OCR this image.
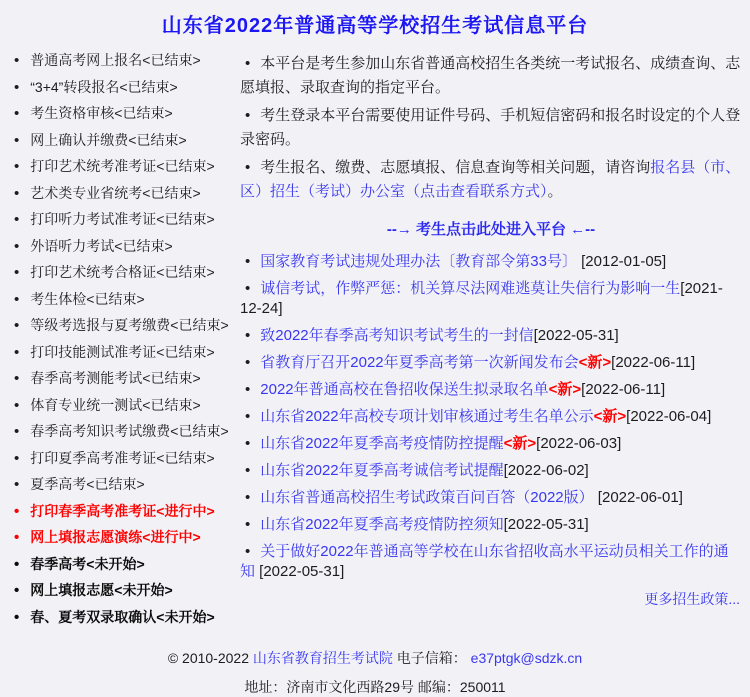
山东省2022年普通高等学校招生考试信息平台
• 普通高考网上报名<已结束>
• “3+4”转段报名<已结束>
• 考生资格审核<已结束>
• 网上确认并缴费<已结束>
• 打印艺术统考准考证<已结束>
• 艺术类专业省统考<已结束>
• 打印听力考试准考证<已结束>
• 外语听力考试<已结束>
• 打印艺术统考合格证<已结束>
• 考生体检<已结束>
• 等级考选报与夏考缴费<已结束>
• 打印技能测试准考证<已结束>
• 春季高考测能考试<已结束>
• 体育专业统一测试<已结束>
• 春季高考知识考试缴费<已结束>
• 打印夏季高考准考证<已结束>
• 夏季高考<已结束>
• 打印春季高考准考证<进行中>
• 网上填报志愿演练<进行中>
• 春季高考<未开始>
• 网上填报志愿<未开始>
• 春、夏考双录取确认<未开始>
• 本平台是考生参加山东省普通高校招生各类统一考试报名、成绩查询、志愿填报、录取查询的指定平台。
• 考生登录本平台需要使用证件号码、手机短信密码和报名时设定的个人登录密码。
• 考生报名、缴费、志愿填报、信息查询等相关问题，请咨询报名县（市、区）招生（考试）办公室（点击查看联系方式）。
--→ 考生点击此处进入平台 ←--
• 国家教育考试违规处理办法〔教育部令第33号〕 [2012-01-05]
• 诚信考试，作弊严惩：机关算尽法网难逃莫让失信行为影响一生[2021-12-24]
• 致2022年春季高考知识考试考生的一封信[2022-05-31]
• 省教育厅召开2022年夏季高考第一次新闻发布会<新>[2022-06-11]
• 2022年普通高校在鲁招收保送生拟录取名单<新>[2022-06-11]
• 山东省2022年高校专项计划审核通过考生名单公示<新>[2022-06-04]
• 山东省2022年夏季高考疫情防控提醒<新>[2022-06-03]
• 山东省2022年夏季高考诚信考试提醒[2022-06-02]
• 山东省普通高校招生考试政策百问百答（2022版） [2022-06-01]
• 山东省2022年夏季高考疫情防控须知[2022-05-31]
• 关于做好2022年普通高等学校在山东省招收高水平运动员相关工作的通知 [2022-05-31]
更多招生政策...
© 2010-2022 山东省教育招生考试院 电子信箱： e37ptgk@sdzk.cn
地址：济南市文化西路29号 邮编：250011
